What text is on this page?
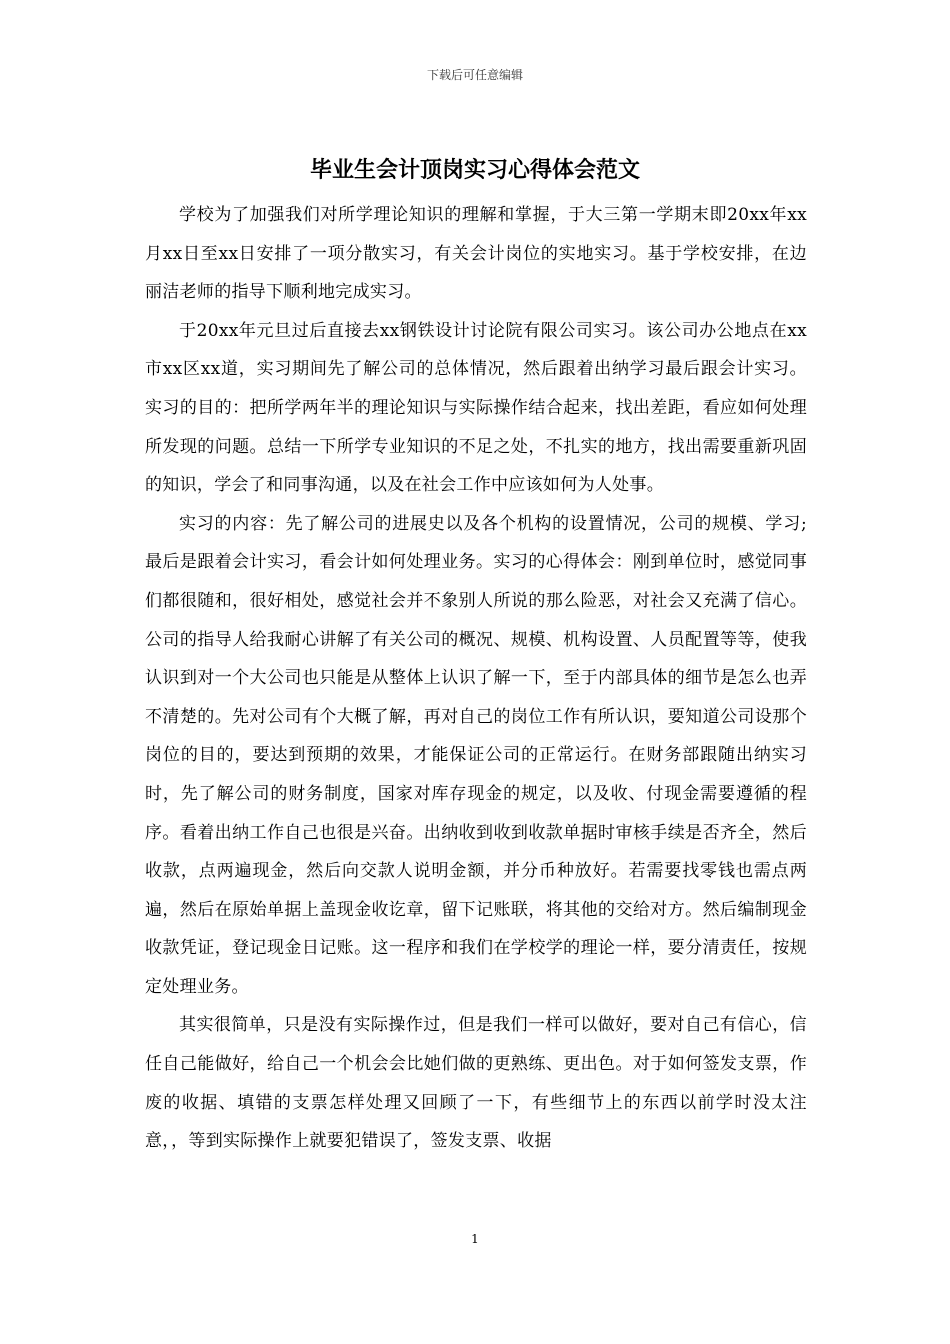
下载后可任意编辑
毕业生会计顶岗实习心得体会范文

学校为了加强我们对所学理论知识的理解和掌握，于大三第一学期末即20xx年xx月xx日至xx日安排了一项分散实习，有关会计岗位的实地实习。基于学校安排，在边丽洁老师的指导下顺利地完成实习。

于20xx年元旦过后直接去xx钢铁设计讨论院有限公司实习。该公司办公地点在xx市xx区xx道，实习期间先了解公司的总体情况，然后跟着出纳学习最后跟会计实习。实习的目的：把所学两年半的理论知识与实际操作结合起来，找出差距，看应如何处理所发现的问题。总结一下所学专业知识的不足之处，不扎实的地方，找出需要重新巩固的知识，学会了和同事沟通，以及在社会工作中应该如何为人处事。

实习的内容：先了解公司的进展史以及各个机构的设置情况，公司的规模、学习;最后是跟着会计实习，看会计如何处理业务。实习的心得体会：刚到单位时，感觉同事们都很随和，很好相处，感觉社会并不象别人所说的那么险恶，对社会又充满了信心。公司的指导人给我耐心讲解了有关公司的概况、规模、机构设置、人员配置等等，使我认识到对一个大公司也只能是从整体上认识了解一下，至于内部具体的细节是怎么也弄不清楚的。先对公司有个大概了解，再对自己的岗位工作有所认识，要知道公司设那个岗位的目的，要达到预期的效果，才能保证公司的正常运行。在财务部跟随出纳实习时，先了解公司的财务制度，国家对库存现金的规定，以及收、付现金需要遵循的程序。看着出纳工作自己也很是兴奋。出纳收到收到收款单据时审核手续是否齐全，然后收款，点两遍现金，然后向交款人说明金额，并分币种放好。若需要找零钱也需点两遍，然后在原始单据上盖现金收讫章，留下记账联，将其他的交给对方。然后编制现金收款凭证，登记现金日记账。这一程序和我们在学校学的理论一样，要分清责任，按规定处理业务。

其实很简单，只是没有实际操作过，但是我们一样可以做好，要对自己有信心，信任自己能做好，给自己一个机会会比她们做的更熟练、更出色。对于如何签发支票，作废的收据、填错的支票怎样处理又回顾了一下，有些细节上的东西以前学时没太注意，，等到实际操作上就要犯错误了，签发支票、收据

1
